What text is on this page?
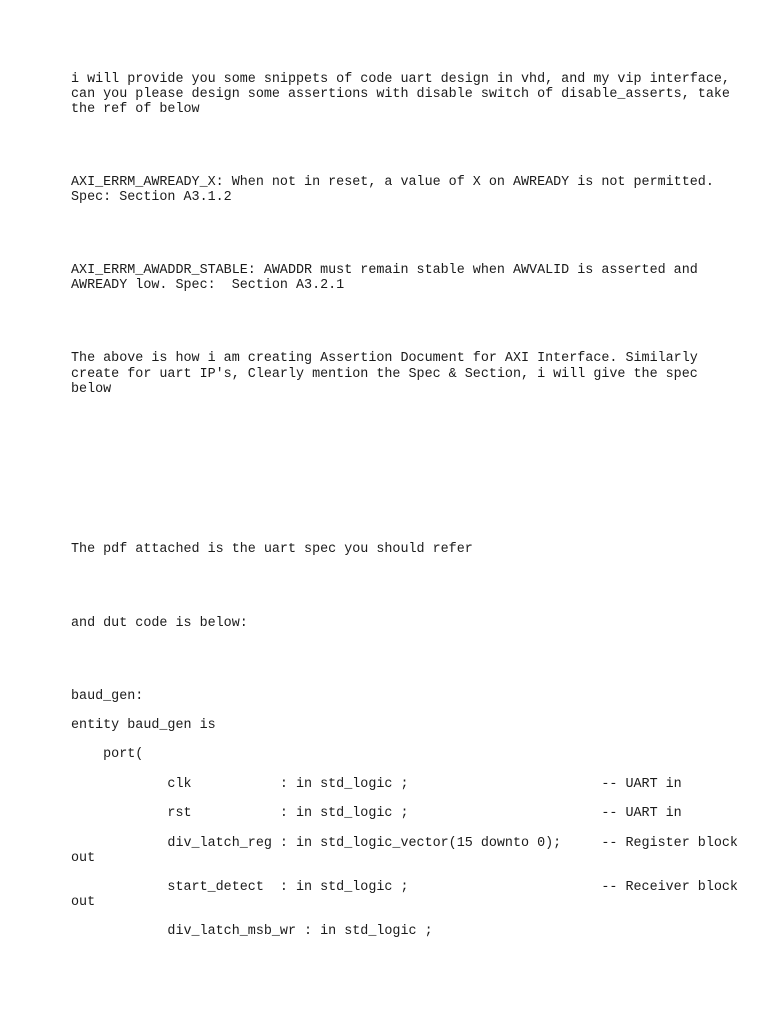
i will provide you some snippets of code uart design in vhd, and my vip interface,

can you please design some assertions with disable switch of disable_asserts, take

the ref of below

AXI_ERRM_AWREADY_X: When not in reset, a value of X on AWREADY is not permitted.

Spec: Section A3.1.2

AXI_ERRM_AWADDR_STABLE: AWADDR must remain stable when AWVALID is asserted and

AWREADY low. Spec:  Section A3.2.1

The above is how i am creating Assertion Document for AXI Interface. Similarly

create for uart IP's, Clearly mention the Spec & Section, i will give the spec

below

The pdf attached is the uart spec you should refer

and dut code is below:

baud_gen:

entity baud_gen is

port(

clk           : in std_logic ;                        -- UART in

rst           : in std_logic ;                        -- UART in

div_latch_reg : in std_logic_vector(15 downto 0);     -- Register block

out

start_detect  : in std_logic ;                        -- Receiver block

out

div_latch_msb_wr : in std_logic ;
